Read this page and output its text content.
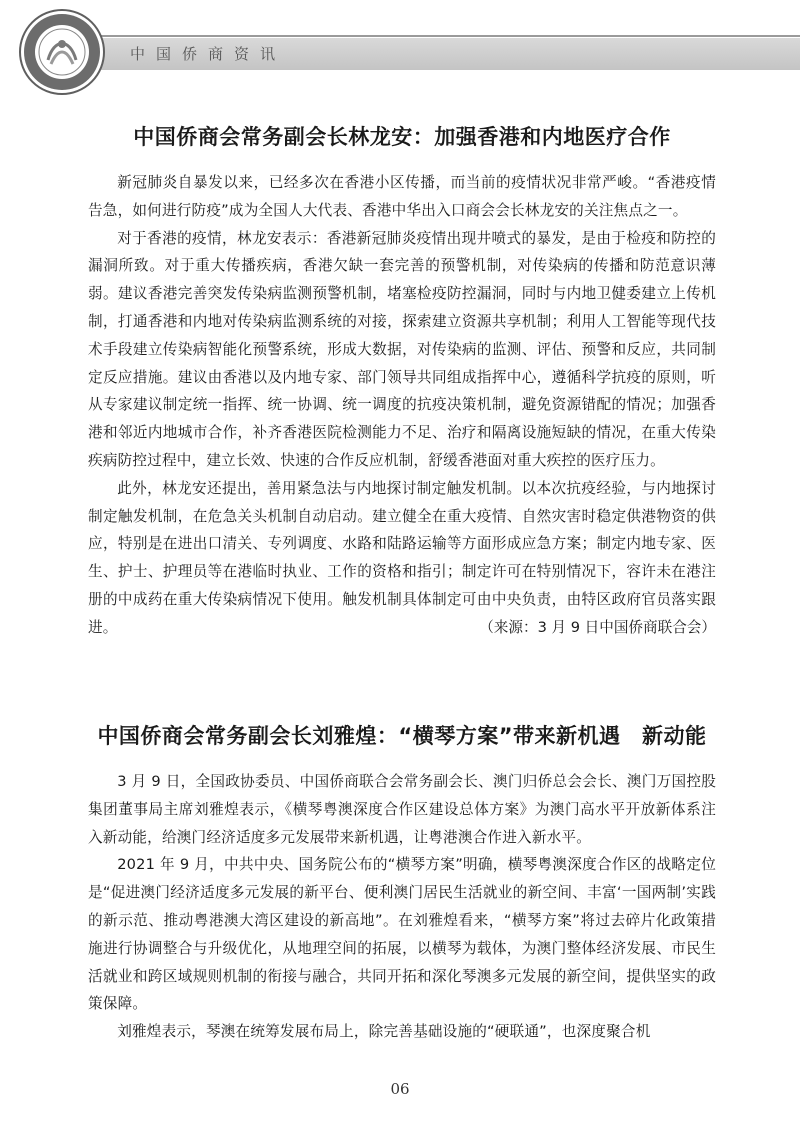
中国侨商资讯
中国侨商会常务副会长林龙安：加强香港和内地医疗合作

新冠肺炎自暴发以来，已经多次在香港小区传播，而当前的疫情状况非常严峻。“香港疫情告急，如何进行防疫”成为全国人大代表、香港中华出入口商会会长林龙安的关注焦点之一。

对于香港的疫情，林龙安表示：香港新冠肺炎疫情出现井喷式的暴发，是由于检疫和防控的漏洞所致。对于重大传播疾病，香港欠缺一套完善的预警机制，对传染病的传播和防范意识薄弱。建议香港完善突发传染病监测预警机制，堵塞检疫防控漏洞，同时与内地卫健委建立上传机制，打通香港和内地对传染病监测系统的对接，探索建立资源共享机制；利用人工智能等现代技术手段建立传染病智能化预警系统，形成大数据，对传染病的监测、评估、预警和反应，共同制定反应措施。建议由香港以及内地专家、部门领导共同组成指挥中心，遵循科学抗疫的原则，听从专家建议制定统一指挥、统一协调、统一调度的抗疫决策机制，避免资源错配的情况；加强香港和邻近内地城市合作，补齐香港医院检测能力不足、治疗和隔离设施短缺的情况，在重大传染疾病防控过程中，建立长效、快速的合作反应机制，舒缓香港面对重大疾控的医疗压力。

此外，林龙安还提出，善用紧急法与内地探讨制定触发机制。以本次抗疫经验，与内地探讨制定触发机制，在危急关头机制自动启动。建立健全在重大疫情、自然灾害时稳定供港物资的供应，特别是在进出口清关、专列调度、水路和陆路运输等方面形成应急方案；制定内地专家、医生、护士、护理员等在港临时执业、工作的资格和指引；制定许可在特别情况下，容许未在港注册的中成药在重大传染病情况下使用。触发机制具体制定可由中央负责，由特区政府官员落实跟进。	（来源：3 月 9 日中国侨商联合会）
中国侨商会常务副会长刘雅煌：“横琴方案”带来新机遇　新动能

3 月 9 日，全国政协委员、中国侨商联合会常务副会长、澳门归侨总会会长、澳门万国控股集团董事局主席刘雅煌表示，《横琴粤澳深度合作区建设总体方案》为澳门高水平开放新体系注入新动能，给澳门经济适度多元发展带来新机遇，让粤港澳合作进入新水平。

2021 年 9 月，中共中央、国务院公布的“横琴方案”明确，横琴粤澳深度合作区的战略定位是“促进澳门经济适度多元发展的新平台、便利澳门居民生活就业的新空间、丰富‘一国两制’实践的新示范、推动粤港澳大湾区建设的新高地”。在刘雅煌看来，“横琴方案”将过去碎片化政策措施进行协调整合与升级优化，从地理空间的拓展，以横琴为载体，为澳门整体经济发展、市民生活就业和跨区域规则机制的衔接与融合，共同开拓和深化琴澳多元发展的新空间，提供坚实的政策保障。

刘雅煌表示，琴澳在统筹发展布局上，除完善基础设施的“硬联通”，也深度聚合机

06
